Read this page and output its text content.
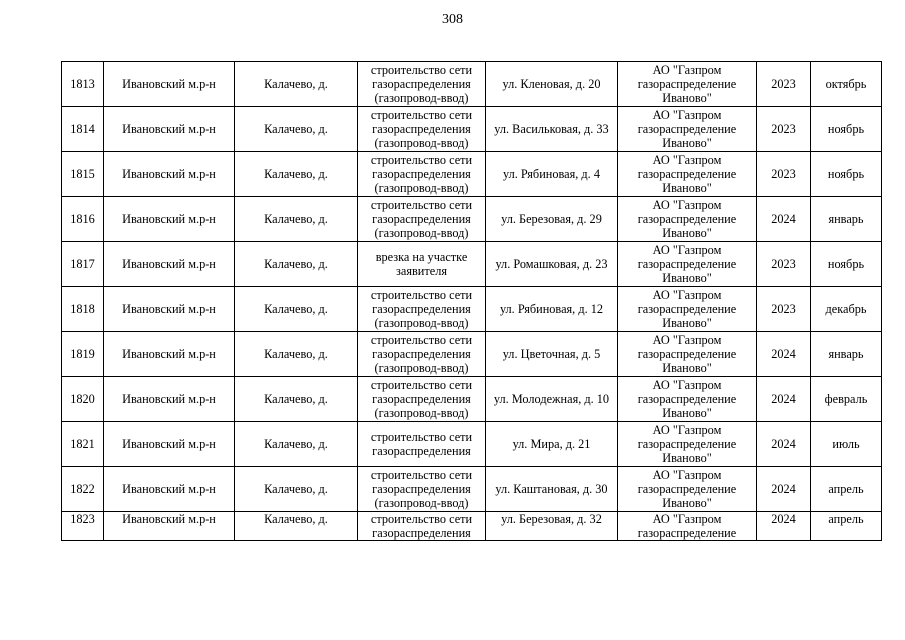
308
1813	Ивановский м.р-н	Калачево, д.	строительство сети газораспределения (газопровод-ввод)	ул. Кленовая, д. 20	АО "Газпром газораспределение Иваново"	2023	октябрь
1814	Ивановский м.р-н	Калачево, д.	строительство сети газораспределения (газопровод-ввод)	ул. Васильковая, д. 33	АО "Газпром газораспределение Иваново"	2023	ноябрь
1815	Ивановский м.р-н	Калачево, д.	строительство сети газораспределения (газопровод-ввод)	ул. Рябиновая, д. 4	АО "Газпром газораспределение Иваново"	2023	ноябрь
1816	Ивановский м.р-н	Калачево, д.	строительство сети газораспределения (газопровод-ввод)	ул. Березовая, д. 29	АО "Газпром газораспределение Иваново"	2024	январь
1817	Ивановский м.р-н	Калачево, д.	врезка на участке заявителя	ул. Ромашковая, д. 23	АО "Газпром газораспределение Иваново"	2023	ноябрь
1818	Ивановский м.р-н	Калачево, д.	строительство сети газораспределения (газопровод-ввод)	ул. Рябиновая, д. 12	АО "Газпром газораспределение Иваново"	2023	декабрь
1819	Ивановский м.р-н	Калачево, д.	строительство сети газораспределения (газопровод-ввод)	ул. Цветочная, д. 5	АО "Газпром газораспределение Иваново"	2024	январь
1820	Ивановский м.р-н	Калачево, д.	строительство сети газораспределения (газопровод-ввод)	ул. Молодежная, д. 10	АО "Газпром газораспределение Иваново"	2024	февраль
1821	Ивановский м.р-н	Калачево, д.	строительство сети газораспределения	ул. Мира, д. 21	АО "Газпром газораспределение Иваново"	2024	июль
1822	Ивановский м.р-н	Калачево, д.	строительство сети газораспределения (газопровод-ввод)	ул. Каштановая, д. 30	АО "Газпром газораспределение Иваново"	2024	апрель
1823	Ивановский м.р-н	Калачево, д.	строительство сети газораспределения	ул. Березовая, д. 32	АО "Газпром газораспределение	2024	апрель
